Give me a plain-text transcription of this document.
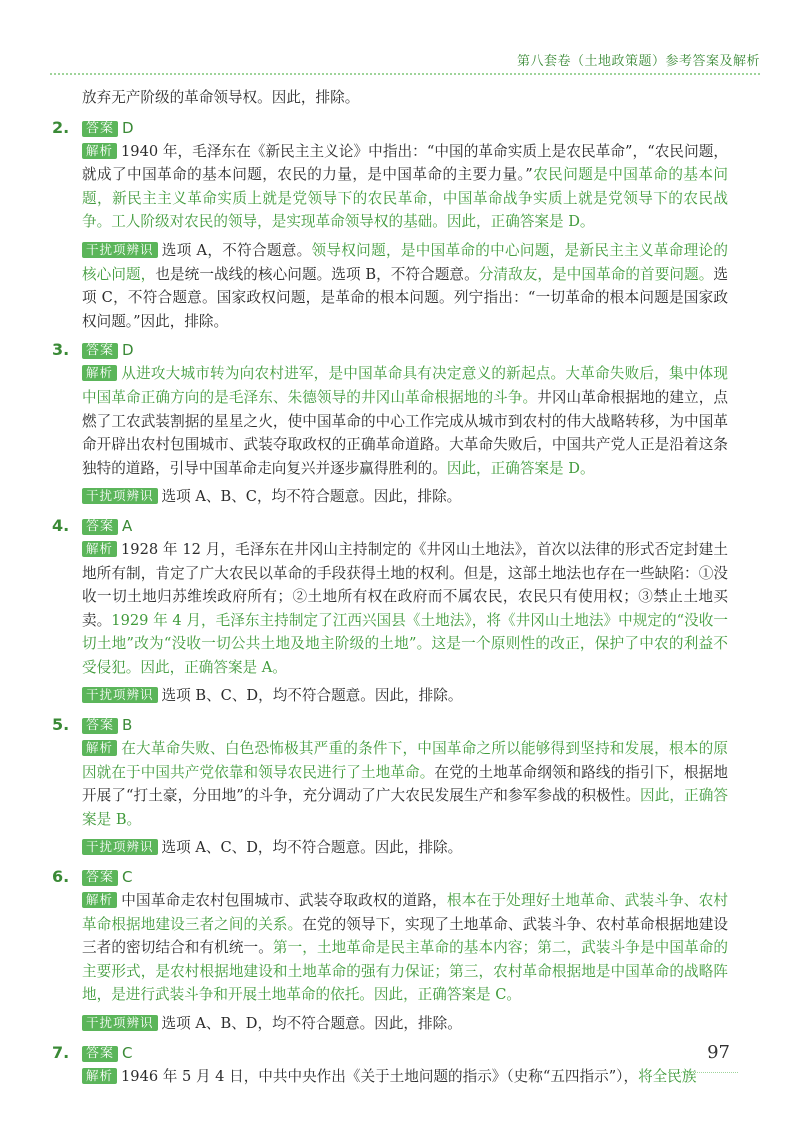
第八套卷（土地政策题）参考答案及解析

放弃无产阶级的革命领导权。因此，排除。

2.	答案 D

解析 1940 年，毛泽东在《新民主主义论》中指出：“中国的革命实质上是农民革命”，“农民问题，就成了中国革命的基本问题，农民的力量，是中国革命的主要力量。”农民问题是中国革命的基本问题，新民主主义革命实质上就是党领导下的农民革命，中国革命战争实质上就是党领导下的农民战争。工人阶级对农民的领导，是实现革命领导权的基础。因此，正确答案是 D。

干扰项辨识 选项 A，不符合题意。领导权问题，是中国革命的中心问题，是新民主主义革命理论的核心问题，也是统一战线的核心问题。选项 B，不符合题意。分清敌友，是中国革命的首要问题。选项 C，不符合题意。国家政权问题，是革命的根本问题。列宁指出：“一切革命的根本问题是国家政权问题。”因此，排除。

3.	答案 D

解析 从进攻大城市转为向农村进军，是中国革命具有决定意义的新起点。大革命失败后，集中体现中国革命正确方向的是毛泽东、朱德领导的井冈山革命根据地的斗争。井冈山革命根据地的建立，点燃了工农武装割据的星星之火，使中国革命的中心工作完成从城市到农村的伟大战略转移，为中国革命开辟出农村包围城市、武装夺取政权的正确革命道路。大革命失败后，中国共产党人正是沿着这条独特的道路，引导中国革命走向复兴并逐步赢得胜利的。因此，正确答案是 D。

干扰项辨识 选项 A、B、C，均不符合题意。因此，排除。

4.	答案 A

解析 1928 年 12 月，毛泽东在井冈山主持制定的《井冈山土地法》，首次以法律的形式否定封建土地所有制，肯定了广大农民以革命的手段获得土地的权利。但是，这部土地法也存在一些缺陷：①没收一切土地归苏维埃政府所有；②土地所有权在政府而不属农民，农民只有使用权；③禁止土地买卖。1929 年 4 月，毛泽东主持制定了江西兴国县《土地法》，将《井冈山土地法》中规定的“没收一切土地”改为“没收一切公共土地及地主阶级的土地”。这是一个原则性的改正，保护了中农的利益不受侵犯。因此，正确答案是 A。

干扰项辨识 选项 B、C、D，均不符合题意。因此，排除。

5.	答案 B

解析 在大革命失败、白色恐怖极其严重的条件下，中国革命之所以能够得到坚持和发展，根本的原因就在于中国共产党依靠和领导农民进行了土地革命。在党的土地革命纲领和路线的指引下，根据地开展了“打土豪，分田地”的斗争，充分调动了广大农民发展生产和参军参战的积极性。因此，正确答案是 B。

干扰项辨识 选项 A、C、D，均不符合题意。因此，排除。

6.	答案 C

解析 中国革命走农村包围城市、武装夺取政权的道路，根本在于处理好土地革命、武装斗争、农村革命根据地建设三者之间的关系。在党的领导下，实现了土地革命、武装斗争、农村革命根据地建设三者的密切结合和有机统一。第一，土地革命是民主革命的基本内容；第二，武装斗争是中国革命的主要形式，是农村根据地建设和土地革命的强有力保证；第三，农村革命根据地是中国革命的战略阵地，是进行武装斗争和开展土地革命的依托。因此，正确答案是 C。

干扰项辨识 选项 A、B、D，均不符合题意。因此，排除。

7.	答案 C

解析 1946 年 5 月 4 日，中共中央作出《关于土地问题的指示》（史称“五四指示”），将全民族

97
